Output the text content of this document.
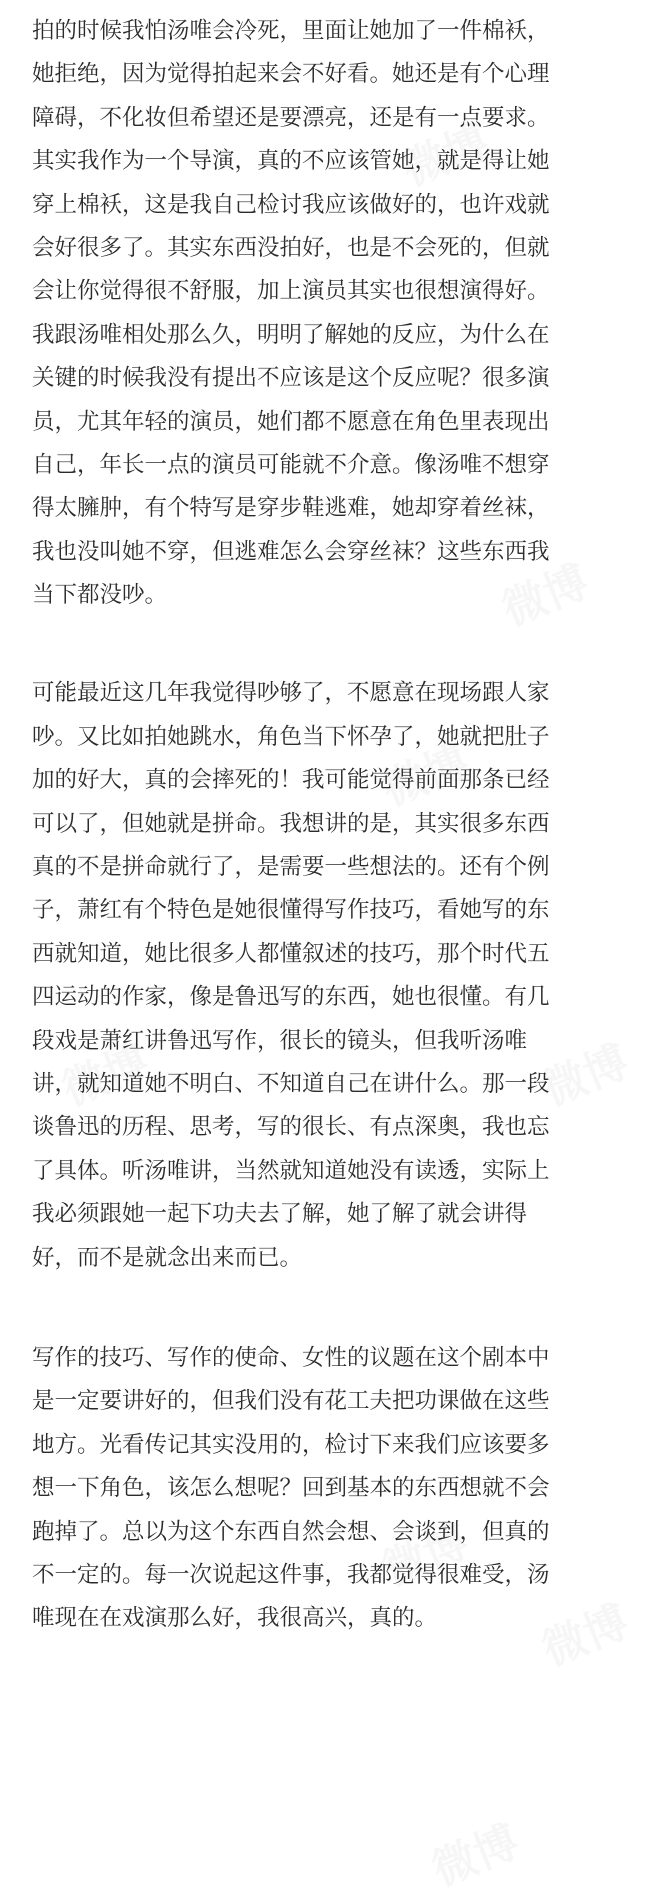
拍的时候我怕汤唯会冷死，里面让她加了一件棉袄，
她拒绝，因为觉得拍起来会不好看。她还是有个心理
障碍，不化妆但希望还是要漂亮，还是有一点要求。
其实我作为一个导演，真的不应该管她，就是得让她
穿上棉袄，这是我自己检讨我应该做好的，也许戏就
会好很多了。其实东西没拍好，也是不会死的，但就
会让你觉得很不舒服，加上演员其实也很想演得好。
我跟汤唯相处那么久，明明了解她的反应，为什么在
关键的时候我没有提出不应该是这个反应呢？很多演
员，尤其年轻的演员，她们都不愿意在角色里表现出
自己，年长一点的演员可能就不介意。像汤唯不想穿
得太臃肿，有个特写是穿步鞋逃难，她却穿着丝袜，
我也没叫她不穿，但逃难怎么会穿丝袜？这些东西我
当下都没吵。

可能最近这几年我觉得吵够了，不愿意在现场跟人家
吵。又比如拍她跳水，角色当下怀孕了，她就把肚子
加的好大，真的会摔死的！我可能觉得前面那条已经
可以了，但她就是拼命。我想讲的是，其实很多东西
真的不是拼命就行了，是需要一些想法的。还有个例
子，萧红有个特色是她很懂得写作技巧，看她写的东
西就知道，她比很多人都懂叙述的技巧，那个时代五
四运动的作家，像是鲁迅写的东西，她也很懂。有几
段戏是萧红讲鲁迅写作，很长的镜头，但我听汤唯
讲，就知道她不明白、不知道自己在讲什么。那一段
谈鲁迅的历程、思考，写的很长、有点深奥，我也忘
了具体。听汤唯讲，当然就知道她没有读透，实际上
我必须跟她一起下功夫去了解，她了解了就会讲得
好，而不是就念出来而已。

写作的技巧、写作的使命、女性的议题在这个剧本中
是一定要讲好的，但我们没有花工夫把功课做在这些
地方。光看传记其实没用的，检讨下来我们应该要多
想一下角色，该怎么想呢？回到基本的东西想就不会
跑掉了。总以为这个东西自然会想、会谈到，但真的
不一定的。每一次说起这件事，我都觉得很难受，汤
唯现在在戏演那么好，我很高兴，真的。
